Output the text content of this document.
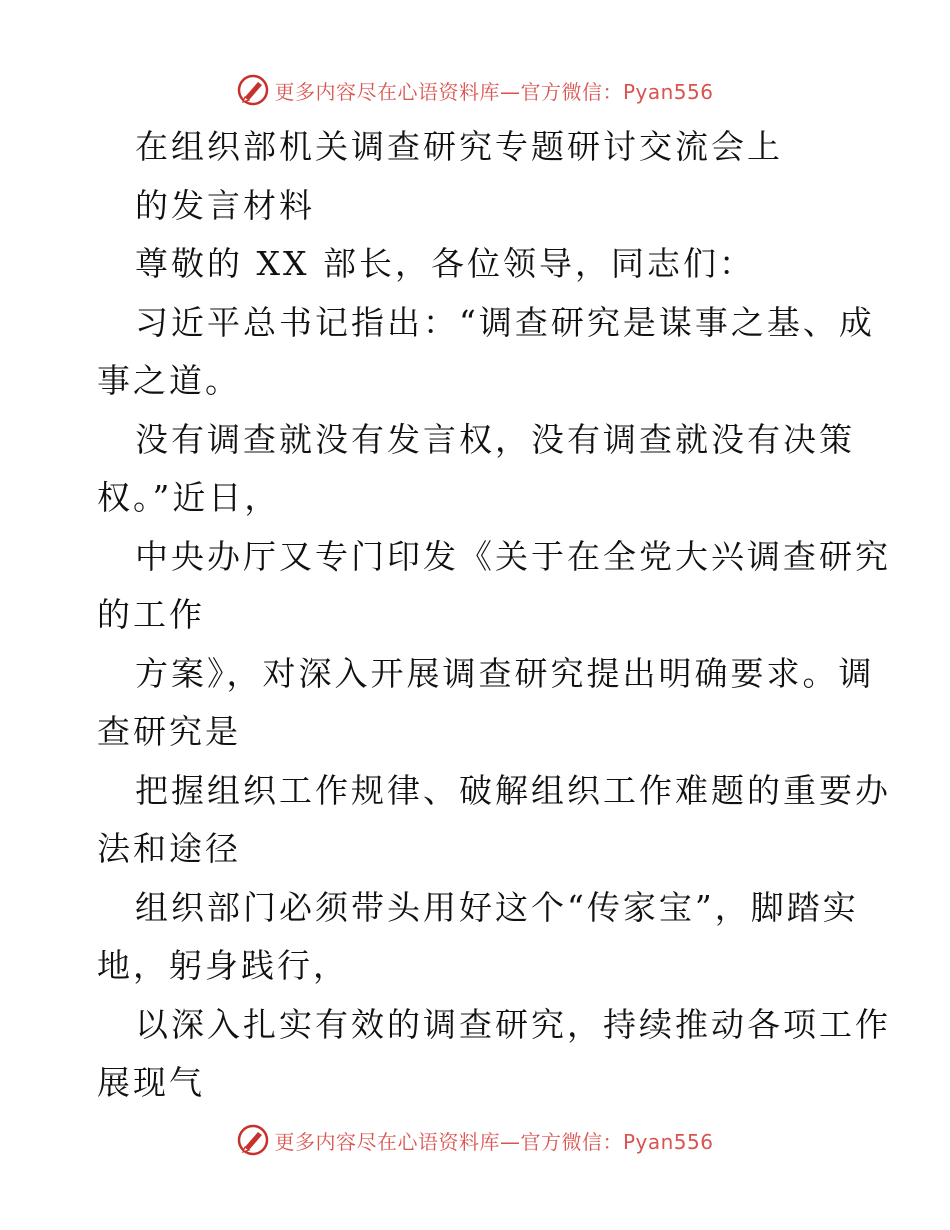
更多内容尽在心语资料库—官方微信：Pyan556
在组织部机关调查研究专题研讨交流会上
的发言材料
尊敬的 XX 部长，各位领导，同志们：
习近平总书记指出：“调查研究是谋事之基、成
事之道。
没有调查就没有发言权，没有调查就没有决策
权。”近日，
中央办厅又专门印发《关于在全党大兴调查研究
的工作
方案》，对深入开展调查研究提出明确要求。调
查研究是
把握组织工作规律、破解组织工作难题的重要办
法和途径
组织部门必须带头用好这个“传家宝”，脚踏实
地，躬身践行，
以深入扎实有效的调查研究，持续推动各项工作
展现气
更多内容尽在心语资料库—官方微信：Pyan556
